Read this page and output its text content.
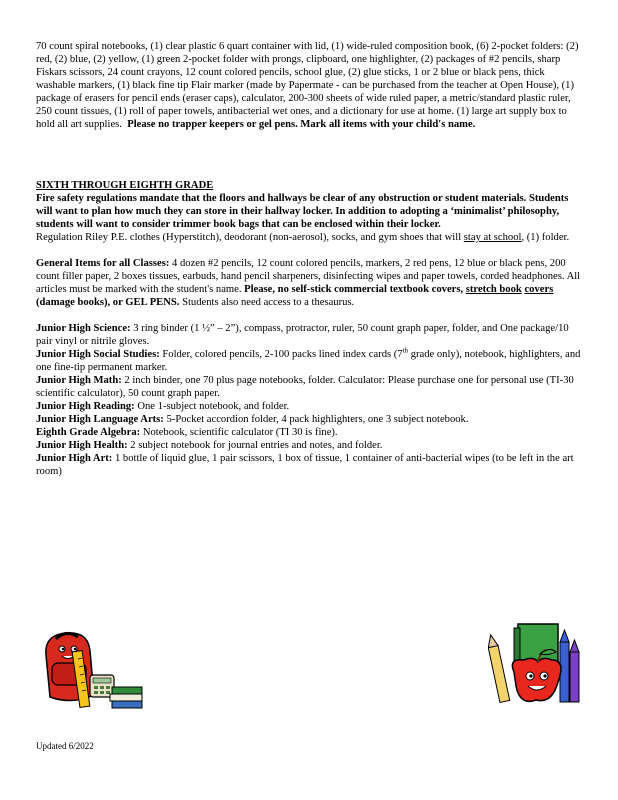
70 count spiral notebooks, (1) clear plastic 6 quart container with lid, (1) wide-ruled composition book, (6) 2-pocket folders: (2) red, (2) blue, (2) yellow, (1) green 2-pocket folder with prongs, clipboard, one highlighter, (2) packages of #2 pencils, sharp Fiskars scissors, 24 count crayons, 12 count colored pencils, school glue, (2) glue sticks, 1 or 2 blue or black pens, thick washable markers, (1) black fine tip Flair marker (made by Papermate - can be purchased from the teacher at Open House), (1) package of erasers for pencil ends (eraser caps), calculator, 200-300 sheets of wide ruled paper, a metric/standard plastic ruler, 250 count tissues, (1) roll of paper towels, antibacterial wet ones, and a dictionary for use at home. (1) large art supply box to hold all art supplies. Please no trapper keepers or gel pens. Mark all items with your child's name.

SIXTH THROUGH EIGHTH GRADE

Fire safety regulations mandate that the floors and hallways be clear of any obstruction or student materials. Students will want to plan how much they can store in their hallway locker. In addition to adopting a ‘minimalist’ philosophy, students will want to consider trimmer book bags that can be enclosed within their locker.

Regulation Riley P.E. clothes (Hyperstitch), deodorant (non-aerosol), socks, and gym shoes that will stay at school, (1) folder.

General Items for all Classes: 4 dozen #2 pencils, 12 count colored pencils, markers, 2 red pens, 12 blue or black pens, 200 count filler paper, 2 boxes tissues, earbuds, hand pencil sharpeners, disinfecting wipes and paper towels, corded headphones. All articles must be marked with the student's name. Please, no self-stick commercial textbook covers, stretch book covers (damage books), or GEL PENS. Students also need access to a thesaurus.

Junior High Science: 3 ring binder (1 ½” – 2”), compass, protractor, ruler, 50 count graph paper, folder, and One package/10 pair vinyl or nitrile gloves.

Junior High Social Studies: Folder, colored pencils, 2-100 packs lined index cards (7th grade only), notebook, highlighters, and one fine-tip permanent marker.

Junior High Math: 2 inch binder, one 70 plus page notebooks, folder. Calculator: Please purchase one for personal use (TI-30 scientific calculator), 50 count graph paper.

Junior High Reading: One 1-subject notebook, and folder.

Junior High Language Arts: 5-Pocket accordion folder, 4 pack highlighters, one 3 subject notebook.

Eighth Grade Algebra: Notebook, scientific calculator (TI 30 is fine).

Junior High Health: 2 subject notebook for journal entries and notes, and folder.

Junior High Art: 1 bottle of liquid glue, 1 pair scissors, 1 box of tissue, 1 container of anti-bacterial wipes (to be left in the art room)

Updated 6/2022
